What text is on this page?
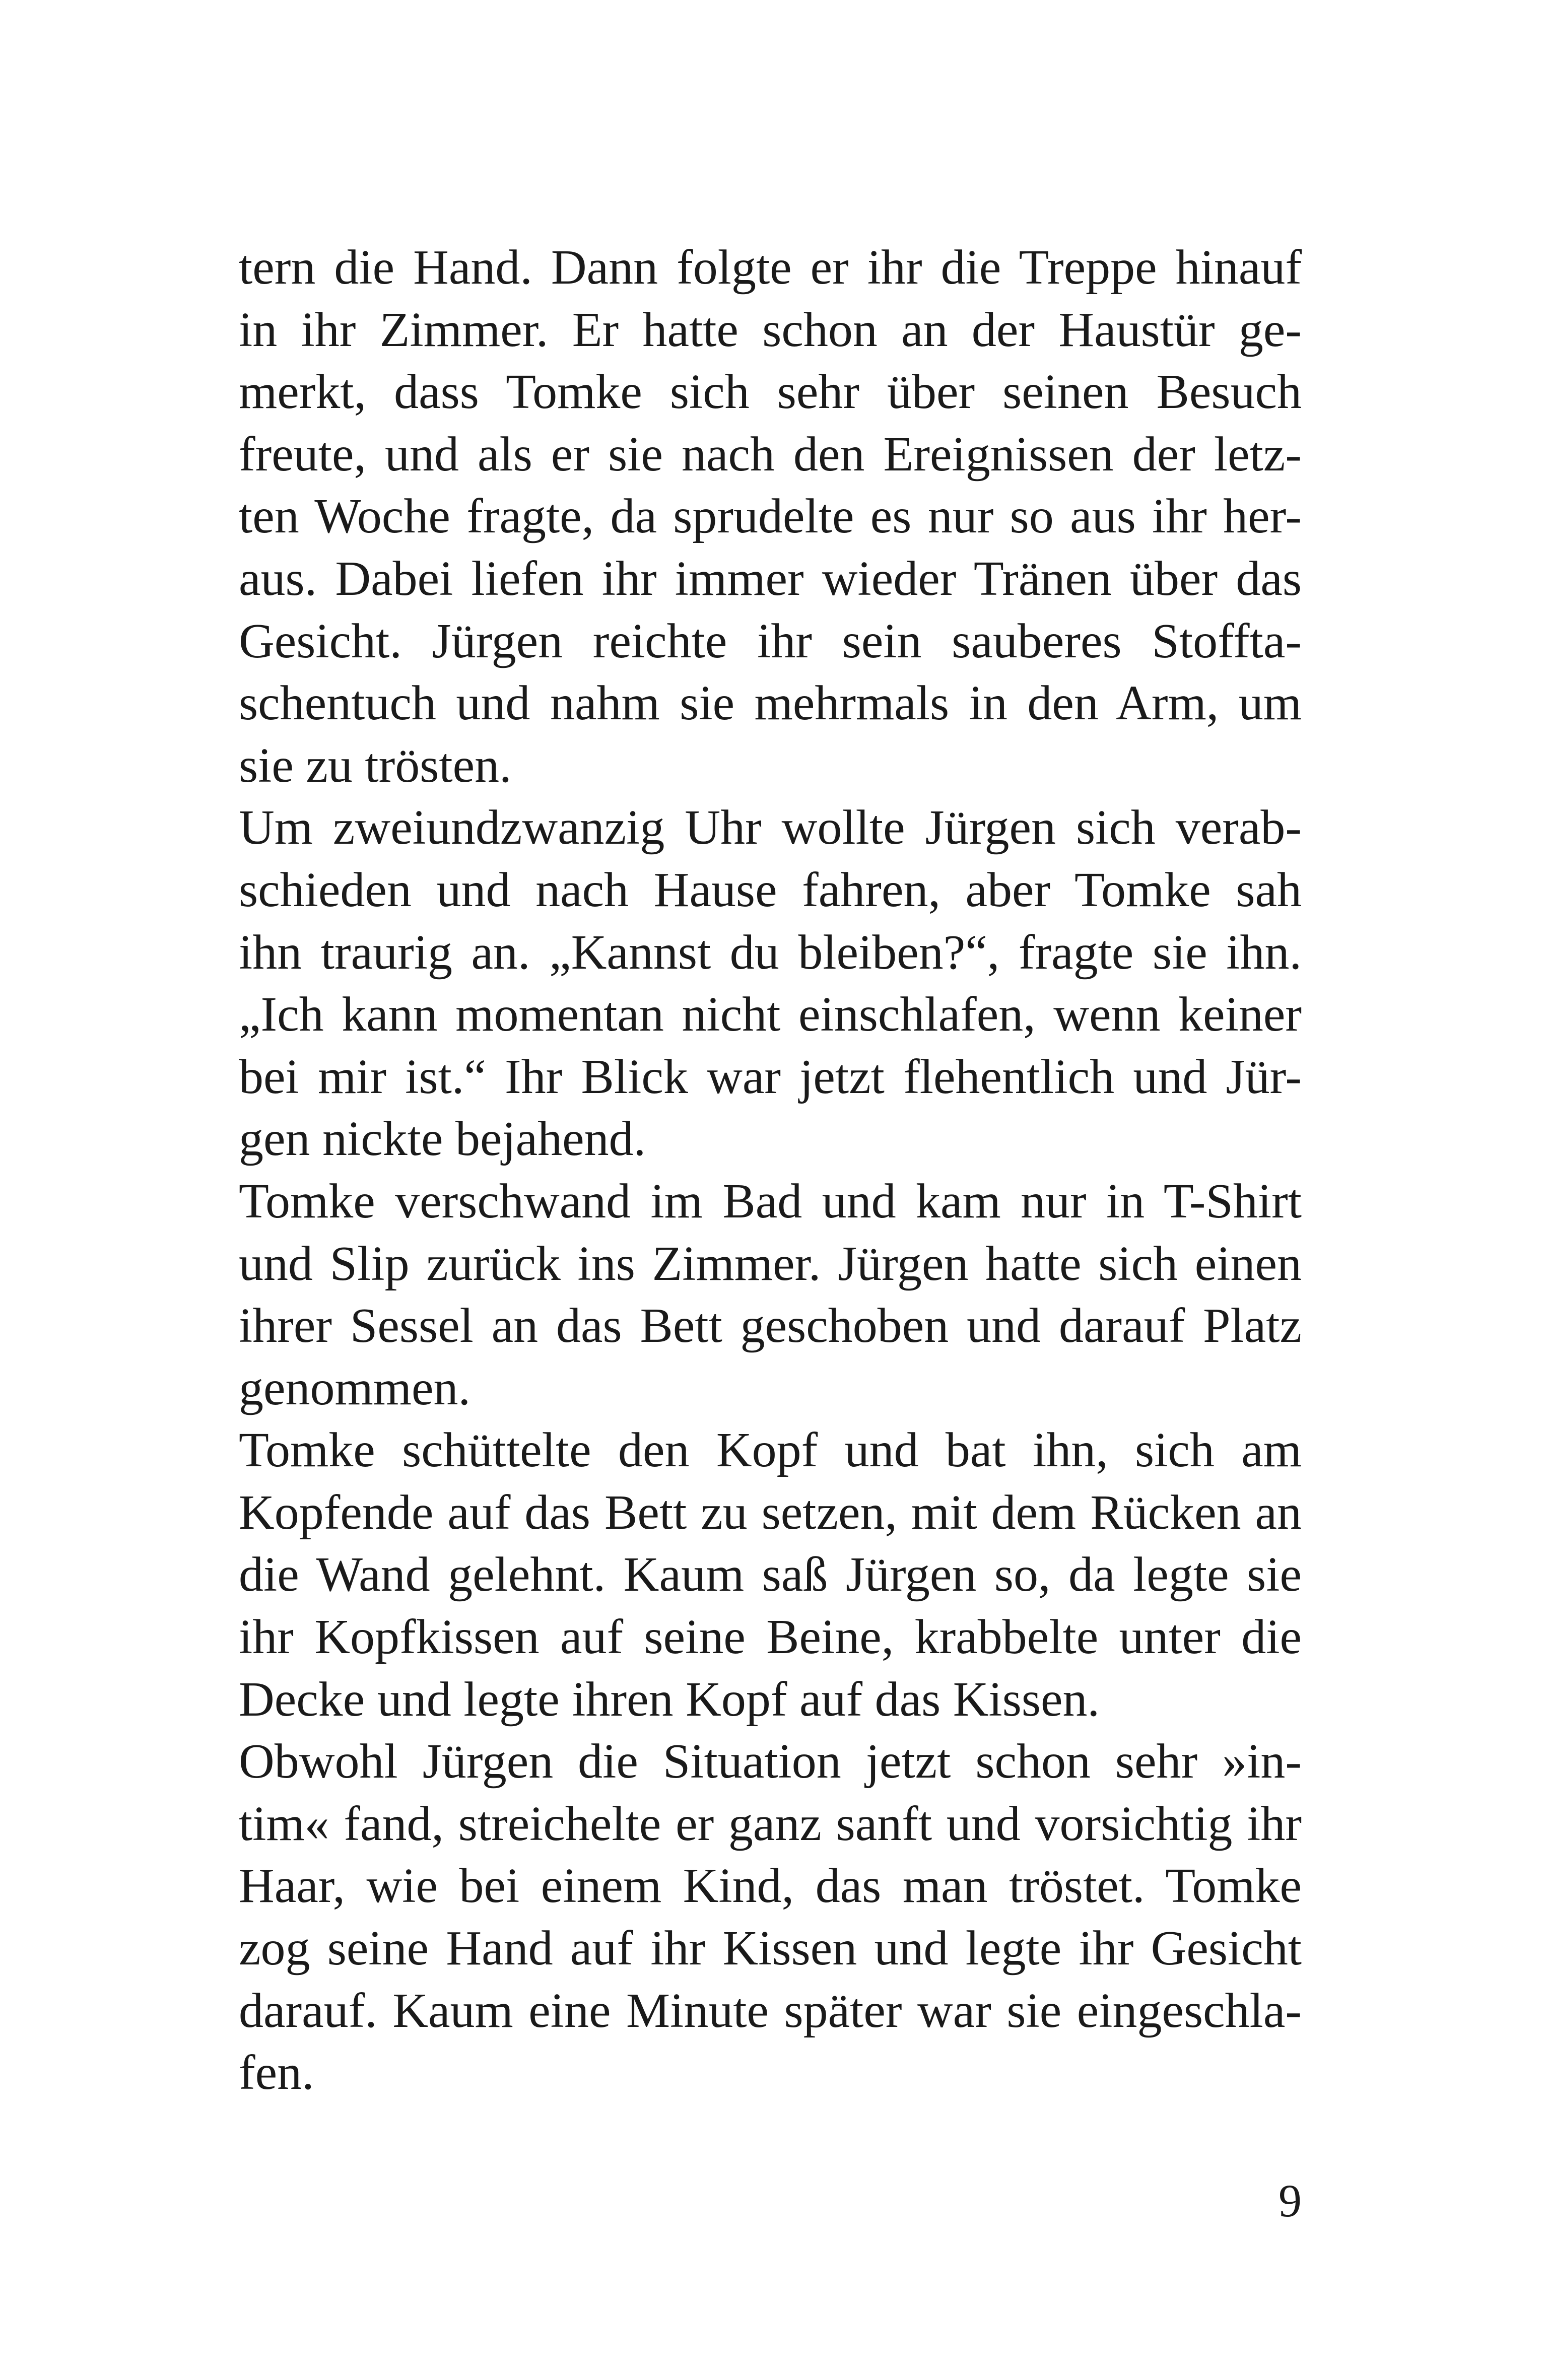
tern die Hand. Dann folgte er ihr die Treppe hinauf
in ihr Zimmer. Er hatte schon an der Haustür ge-
merkt, dass Tomke sich sehr über seinen Besuch
freute, und als er sie nach den Ereignissen der letz-
ten Woche fragte, da sprudelte es nur so aus ihr her-
aus. Dabei liefen ihr immer wieder Tränen über das
Gesicht. Jürgen reichte ihr sein sauberes Stoffta-
schentuch und nahm sie mehrmals in den Arm, um
sie zu trösten.
Um zweiundzwanzig Uhr wollte Jürgen sich verab-
schieden und nach Hause fahren, aber Tomke sah
ihn traurig an. „Kannst du bleiben?“, fragte sie ihn.
„Ich kann momentan nicht einschlafen, wenn keiner
bei mir ist.“ Ihr Blick war jetzt flehentlich und Jür-
gen nickte bejahend.
Tomke verschwand im Bad und kam nur in T-Shirt
und Slip zurück ins Zimmer. Jürgen hatte sich einen
ihrer Sessel an das Bett geschoben und darauf Platz
genommen.
Tomke schüttelte den Kopf und bat ihn, sich am
Kopfende auf das Bett zu setzen, mit dem Rücken an
die Wand gelehnt. Kaum saß Jürgen so, da legte sie
ihr Kopfkissen auf seine Beine, krabbelte unter die
Decke und legte ihren Kopf auf das Kissen.
Obwohl Jürgen die Situation jetzt schon sehr »in-
tim« fand, streichelte er ganz sanft und vorsichtig ihr
Haar, wie bei einem Kind, das man tröstet. Tomke
zog seine Hand auf ihr Kissen und legte ihr Gesicht
darauf. Kaum eine Minute später war sie eingeschla-
fen.
9
